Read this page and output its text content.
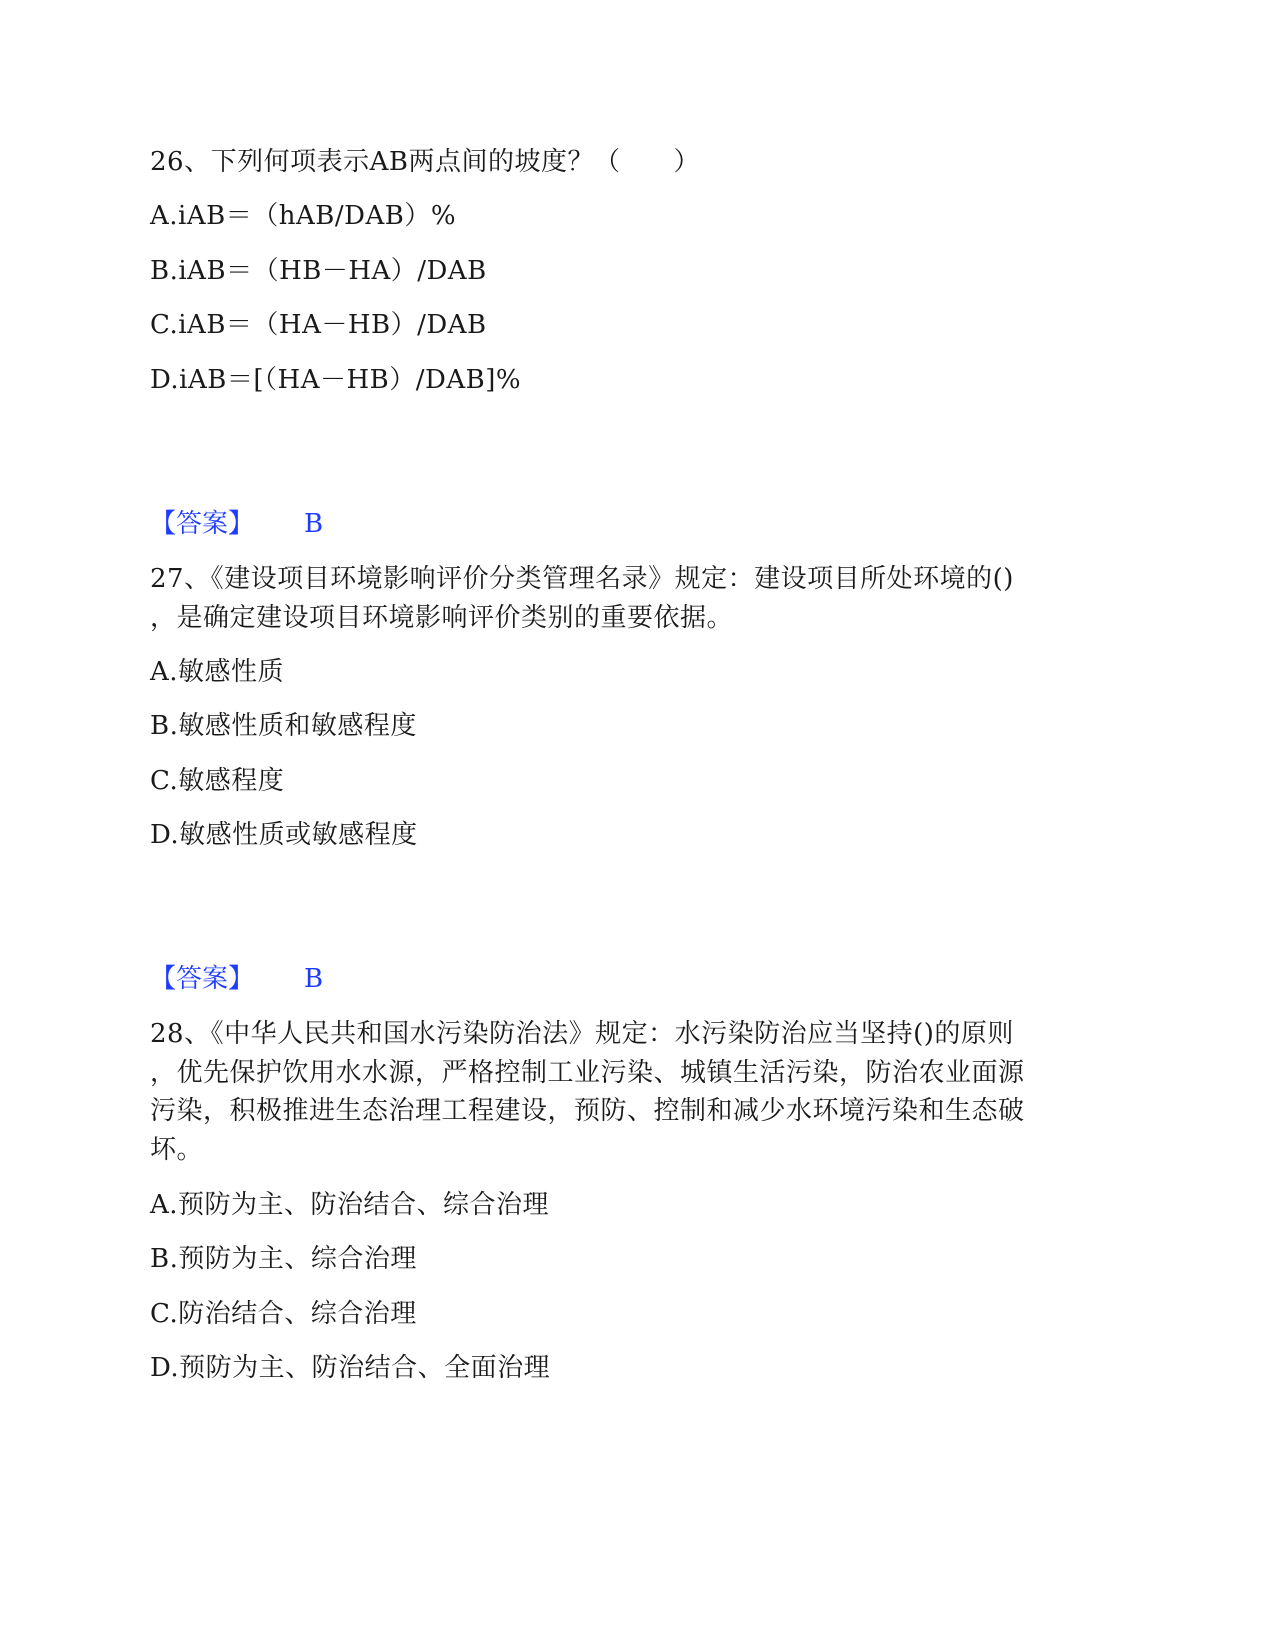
26、下列何项表示AB两点间的坡度？（　　）
A.iAB＝（hAB/DAB）%
B.iAB＝（HB－HA）/DAB
C.iAB＝（HA－HB）/DAB
D.iAB＝[（HA－HB）/DAB]%
【答案】 B
27、《建设项目环境影响评价分类管理名录》规定：建设项目所处环境的()
，是确定建设项目环境影响评价类别的重要依据。
A.敏感性质
B.敏感性质和敏感程度
C.敏感程度
D.敏感性质或敏感程度
【答案】 B
28、《中华人民共和国水污染防治法》规定：水污染防治应当坚持()的原则
，优先保护饮用水水源，严格控制工业污染、城镇生活污染，防治农业面源
污染，积极推进生态治理工程建设，预防、控制和减少水环境污染和生态破
坏。
A.预防为主、防治结合、综合治理
B.预防为主、综合治理
C.防治结合、综合治理
D.预防为主、防治结合、全面治理
